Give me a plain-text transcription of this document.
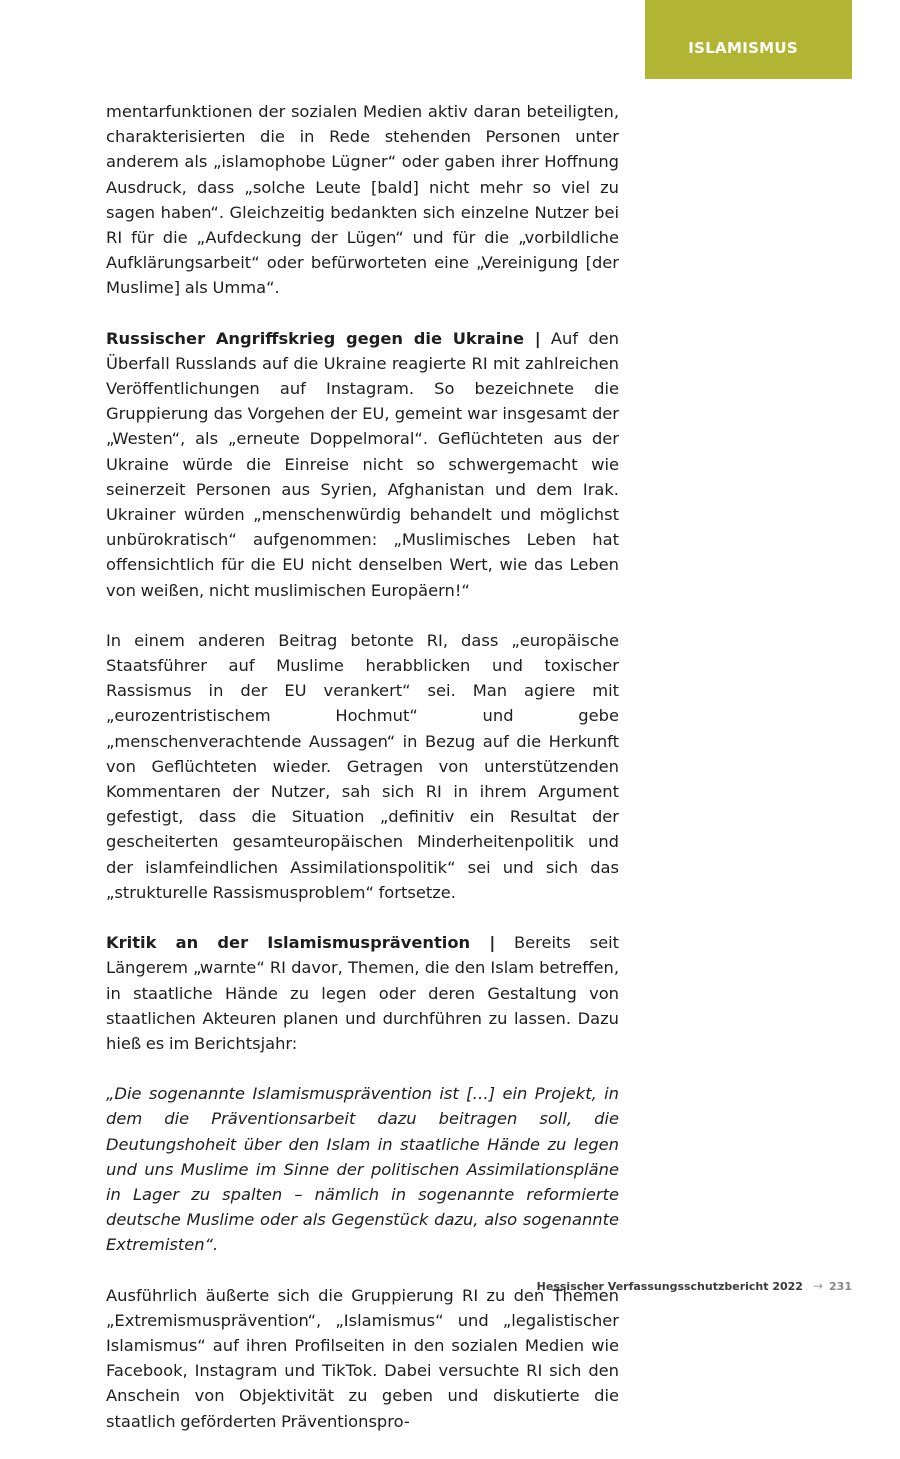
ISLAMISMUS

mentarfunktionen der sozialen Medien aktiv daran beteiligten, charakterisierten die in Rede stehenden Personen unter anderem als „islamophobe Lügner“ oder gaben ihrer Hoffnung Ausdruck, dass „solche Leute [bald] nicht mehr so viel zu sagen haben“. Gleichzeitig bedankten sich einzelne Nutzer bei RI für die „Aufdeckung der Lügen“ und für die „vorbildliche Aufklärungsarbeit“ oder befürworteten eine „Vereinigung [der Muslime] als Umma“.

Russischer Angriffskrieg gegen die Ukraine | Auf den Überfall Russlands auf die Ukraine reagierte RI mit zahlreichen Veröffentlichungen auf Instagram. So bezeichnete die Gruppierung das Vorgehen der EU, gemeint war insgesamt der „Westen“, als „erneute Doppelmoral“. Geflüchteten aus der Ukraine würde die Einreise nicht so schwergemacht wie seinerzeit Personen aus Syrien, Afghanistan und dem Irak. Ukrainer würden „menschenwürdig behandelt und möglichst unbürokratisch“ aufgenommen: „Muslimisches Leben hat offensichtlich für die EU nicht denselben Wert, wie das Leben von weißen, nicht muslimischen Europäern!“

In einem anderen Beitrag betonte RI, dass „europäische Staatsführer auf Muslime herabblicken und toxischer Rassismus in der EU verankert“ sei. Man agiere mit „eurozentristischem Hochmut“ und gebe „menschenverachtende Aussagen“ in Bezug auf die Herkunft von Geflüchteten wieder. Getragen von unterstützenden Kommentaren der Nutzer, sah sich RI in ihrem Argument gefestigt, dass die Situation „definitiv ein Resultat der gescheiterten gesamteuropäischen Minderheitenpolitik und der islamfeindlichen Assimilationspolitik“ sei und sich das „strukturelle Rassismusproblem“ fortsetze.

Kritik an der Islamismusprävention | Bereits seit Längerem „warnte“ RI davor, Themen, die den Islam betreffen, in staatliche Hände zu legen oder deren Gestaltung von staatlichen Akteuren planen und durchführen zu lassen. Dazu hieß es im Berichtsjahr:

„Die sogenannte Islamismusprävention ist […] ein Projekt, in dem die Präventionsarbeit dazu beitragen soll, die Deutungshoheit über den Islam in staatliche Hände zu legen und uns Muslime im Sinne der politischen Assimilationspläne in Lager zu spalten – nämlich in sogenannte reformierte deutsche Muslime oder als Gegenstück dazu, also sogenannte Extremisten“.

Ausführlich äußerte sich die Gruppierung RI zu den Themen „Extremismusprävention“, „Islamismus“ und „legalistischer Islamismus“ auf ihren Profilseiten in den sozialen Medien wie Facebook, Instagram und TikTok. Dabei versuchte RI sich den Anschein von Objektivität zu geben und diskutierte die staatlich geförderten Präventionspro-

Hessischer Verfassungsschutzbericht 2022 → 231
